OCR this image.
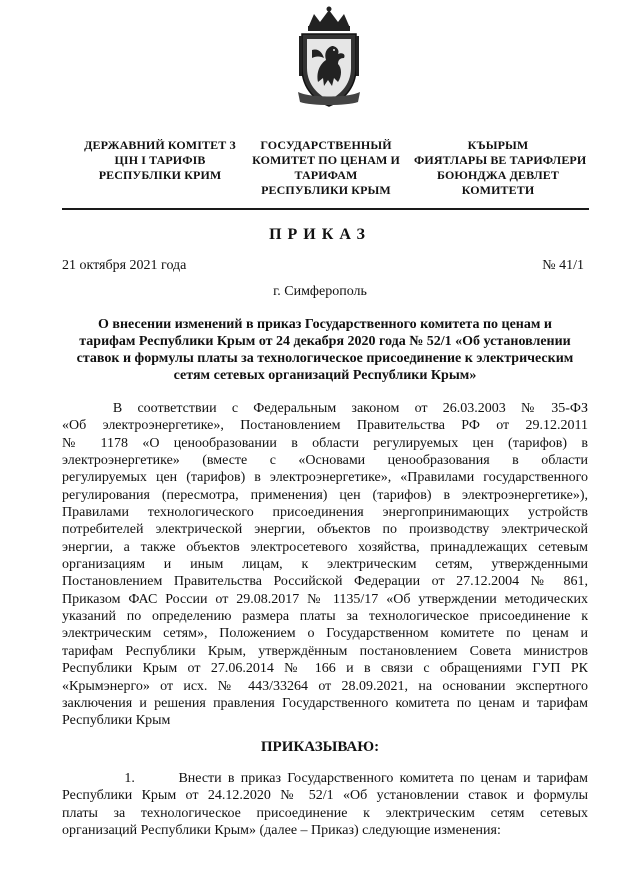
ДЕРЖАВНИЙ КОМІТЕТ З
ЦІН І ТАРИФІВ
РЕСПУБЛІКИ КРИМ
ГОСУДАРСТВЕННЫЙ
КОМИТЕТ ПО ЦЕНАМ И
ТАРИФАМ
РЕСПУБЛИКИ КРЫМ
КЪЫРЫМ
ФИЯТЛАРЫ ВЕ ТАРИФЛЕРИ
БОЮНДЖА ДЕВЛЕТ
КОМИТЕТИ
ПРИКАЗ
21 октября 2021 года	№ 41/1
г. Симферополь
О внесении изменений в приказ Государственного комитета по ценам и
тарифам Республики Крым от 24 декабря 2020 года № 52/1 «Об установлении
ставок и формулы платы за технологическое присоединение к электрическим
сетям сетевых организаций Республики Крым»
В   соответствии   с   Федеральным   законом   от   26.03.2003   №   35-ФЗ
«Об электроэнергетике», Постановлением Правительства РФ от 29.12.2011
№ 1178 «О ценообразовании в области регулируемых цен (тарифов) в
электроэнергетике»   (вместе   с   «Основами   ценообразования   в   области
регулируемых цен (тарифов) в электроэнергетике», «Правилами государственного
регулирования (пересмотра, применения) цен (тарифов) в электроэнергетике»),
Правилами технологического присоединения энергопринимающих устройств
потребителей электрической энергии, объектов по производству электрической
энергии, а также объектов электросетевого хозяйства, принадлежащих сетевым
организациям   и   иным   лицам,   к   электрическим   сетям,   утвержденными
Постановлением Правительства Российской Федерации от 27.12.2004 № 861,
Приказом ФАС России от 29.08.2017 № 1135/17 «Об утверждении методических
указаний по определению размера платы за технологическое присоединение к
электрическим сетям», Положением о Государственном комитете по ценам и
тарифам Республики Крым, утверждённым постановлением Совета министров
Республики Крым от 27.06.2014 № 166 и в связи с обращениями ГУП РК
«Крымэнерго» от исх. № 443/33264 от 28.09.2021, на основании экспертного
заключения и решения правления Государственного комитета по ценам и тарифам
Республики Крым
ПРИКАЗЫВАЮ:
1.       Внести в приказ Государственного комитета по ценам и тарифам
Республики Крым от 24.12.2020 № 52/1 «Об установлении ставок и формулы
платы   за   технологическое   присоединение   к   электрическим   сетям   сетевых
организаций Республики Крым» (далее – Приказ) следующие изменения:
